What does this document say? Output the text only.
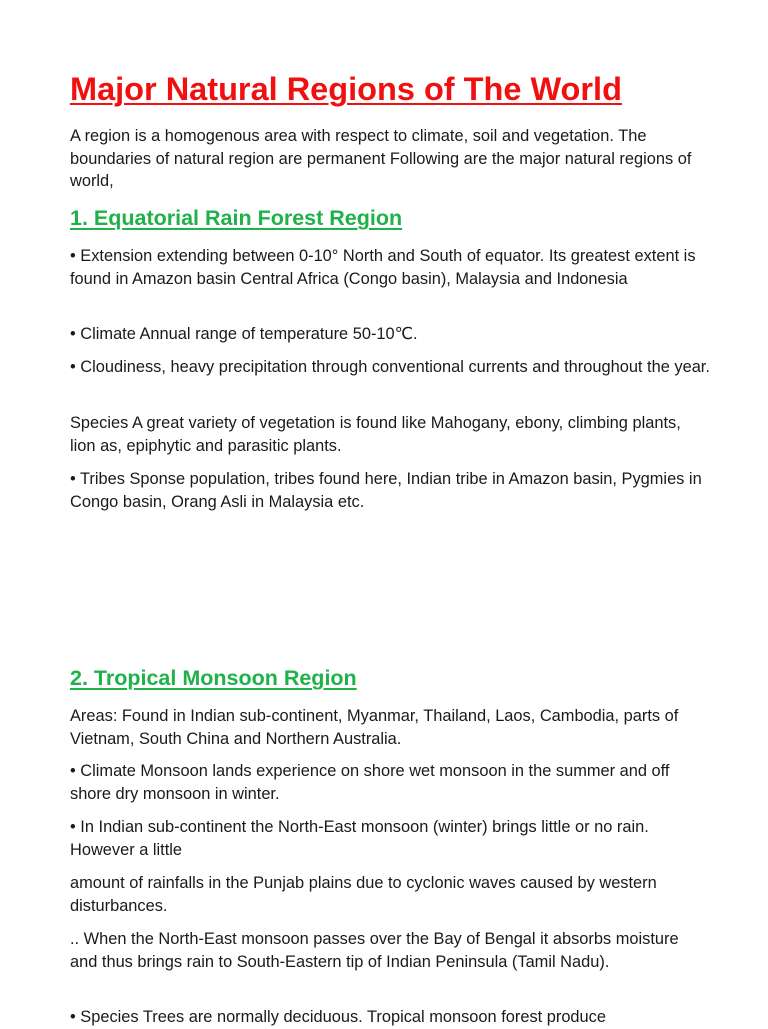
Major Natural Regions of The World

A region is a homogenous area with respect to climate, soil and vegetation. The boundaries of natural region are permanent Following are the major natural regions of world,

1. Equatorial Rain Forest Region

• Extension extending between 0-10° North and South of equator. Its greatest extent is found in Amazon basin Central Africa (Congo basin), Malaysia and Indonesia

• Climate Annual range of temperature 50-10℃.

• Cloudiness, heavy precipitation through conventional currents and throughout the year.

Species A great variety of vegetation is found like Mahogany, ebony, climbing plants, lion as, epiphytic and parasitic plants.

• Tribes Sponse population, tribes found here, Indian tribe in Amazon basin, Pygmies in Congo basin, Orang Asli in Malaysia etc.

2. Tropical Monsoon Region

Areas: Found in Indian sub-continent, Myanmar, Thailand, Laos, Cambodia, parts of Vietnam, South China and Northern Australia.

• Climate Monsoon lands experience on shore wet monsoon in the summer and off shore dry monsoon in winter.

• In Indian sub-continent the North-East monsoon (winter) brings little or no rain. However a little

amount of rainfalls in the Punjab plains due to cyclonic waves caused by western disturbances.

.. When the North-East monsoon passes over the Bay of Bengal it absorbs moisture and thus brings rain to South-Eastern tip of Indian Peninsula (Tamil Nadu).

• Species Trees are normally deciduous. Tropical monsoon forest produce
